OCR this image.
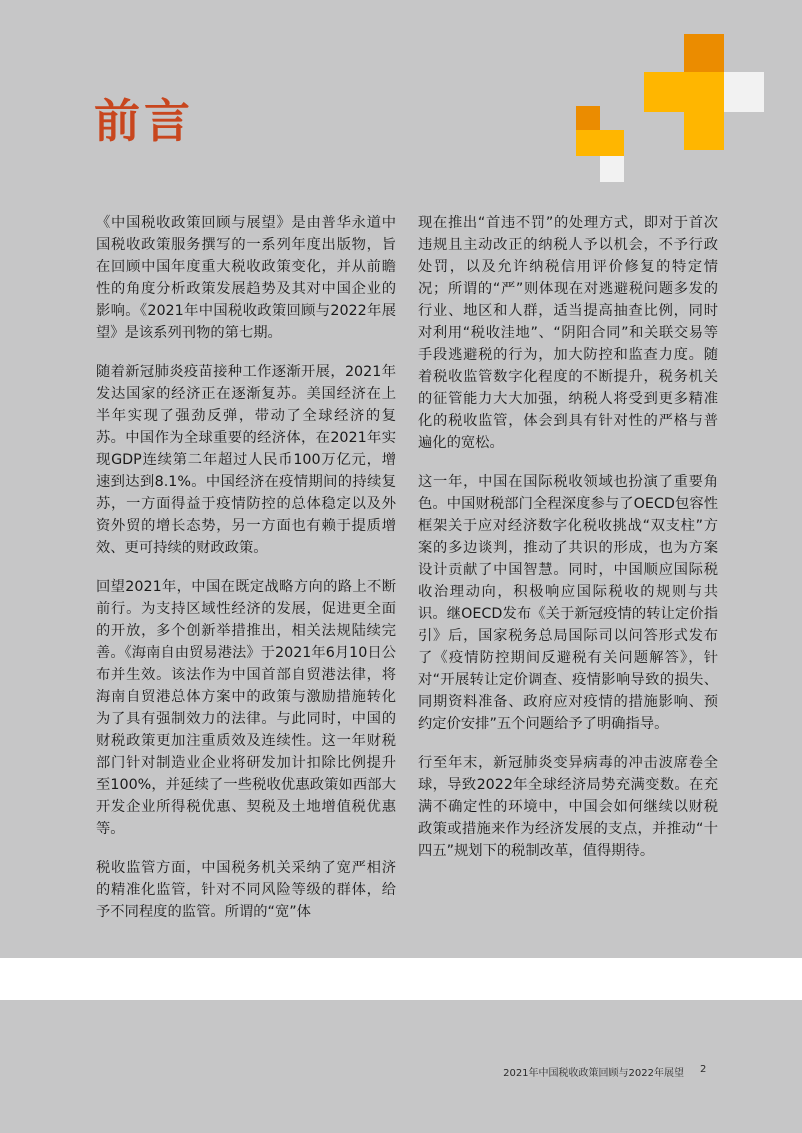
前言

《中国税收政策回顾与展望》是由普华永道中国税收政策服务撰写的一系列年度出版物，旨在回顾中国年度重大税收政策变化，并从前瞻性的角度分析政策发展趋势及其对中国企业的影响。《2021年中国税收政策回顾与2022年展望》是该系列刊物的第七期。

随着新冠肺炎疫苗接种工作逐渐开展，2021年发达国家的经济正在逐渐复苏。美国经济在上半年实现了强劲反弹，带动了全球经济的复苏。中国作为全球重要的经济体，在2021年实现GDP连续第二年超过人民币100万亿元，增速到达到8.1%。中国经济在疫情期间的持续复苏，一方面得益于疫情防控的总体稳定以及外资外贸的增长态势，另一方面也有赖于提质增效、更可持续的财政政策。

回望2021年，中国在既定战略方向的路上不断前行。为支持区域性经济的发展，促进更全面的开放，多个创新举措推出，相关法规陆续完善。《海南自由贸易港法》于2021年6月10日公布并生效。该法作为中国首部自贸港法律，将海南自贸港总体方案中的政策与激励措施转化为了具有强制效力的法律。与此同时，中国的财税政策更加注重质效及连续性。这一年财税部门针对制造业企业将研发加计扣除比例提升至100%，并延续了一些税收优惠政策如西部大开发企业所得税优惠、契税及土地增值税优惠等。

税收监管方面，中国税务机关采纳了宽严相济的精准化监管，针对不同风险等级的群体，给予不同程度的监管。所谓的“宽”体

现在推出“首违不罚”的处理方式，即对于首次违规且主动改正的纳税人予以机会，不予行政处罚，以及允许纳税信用评价修复的特定情况；所谓的“严”则体现在对逃避税问题多发的行业、地区和人群，适当提高抽查比例，同时对利用“税收洼地”、“阴阳合同”和关联交易等手段逃避税的行为，加大防控和监查力度。随着税收监管数字化程度的不断提升，税务机关的征管能力大大加强，纳税人将受到更多精准化的税收监管，体会到具有针对性的严格与普遍化的宽松。

这一年，中国在国际税收领域也扮演了重要角色。中国财税部门全程深度参与了OECD包容性框架关于应对经济数字化税收挑战“双支柱”方案的多边谈判，推动了共识的形成，也为方案设计贡献了中国智慧。同时，中国顺应国际税收治理动向，积极响应国际税收的规则与共识。继OECD发布《关于新冠疫情的转让定价指引》后，国家税务总局国际司以问答形式发布了《疫情防控期间反避税有关问题解答》，针对“开展转让定价调查、疫情影响导致的损失、同期资料准备、政府应对疫情的措施影响、预约定价安排”五个问题给予了明确指导。

行至年末，新冠肺炎变异病毒的冲击波席卷全球，导致2022年全球经济局势充满变数。在充满不确定性的环境中，中国会如何继续以财税政策或措施来作为经济发展的支点，并推动“十四五”规划下的税制改革，值得期待。

2021年中国税收政策回顾与2022年展望 2
